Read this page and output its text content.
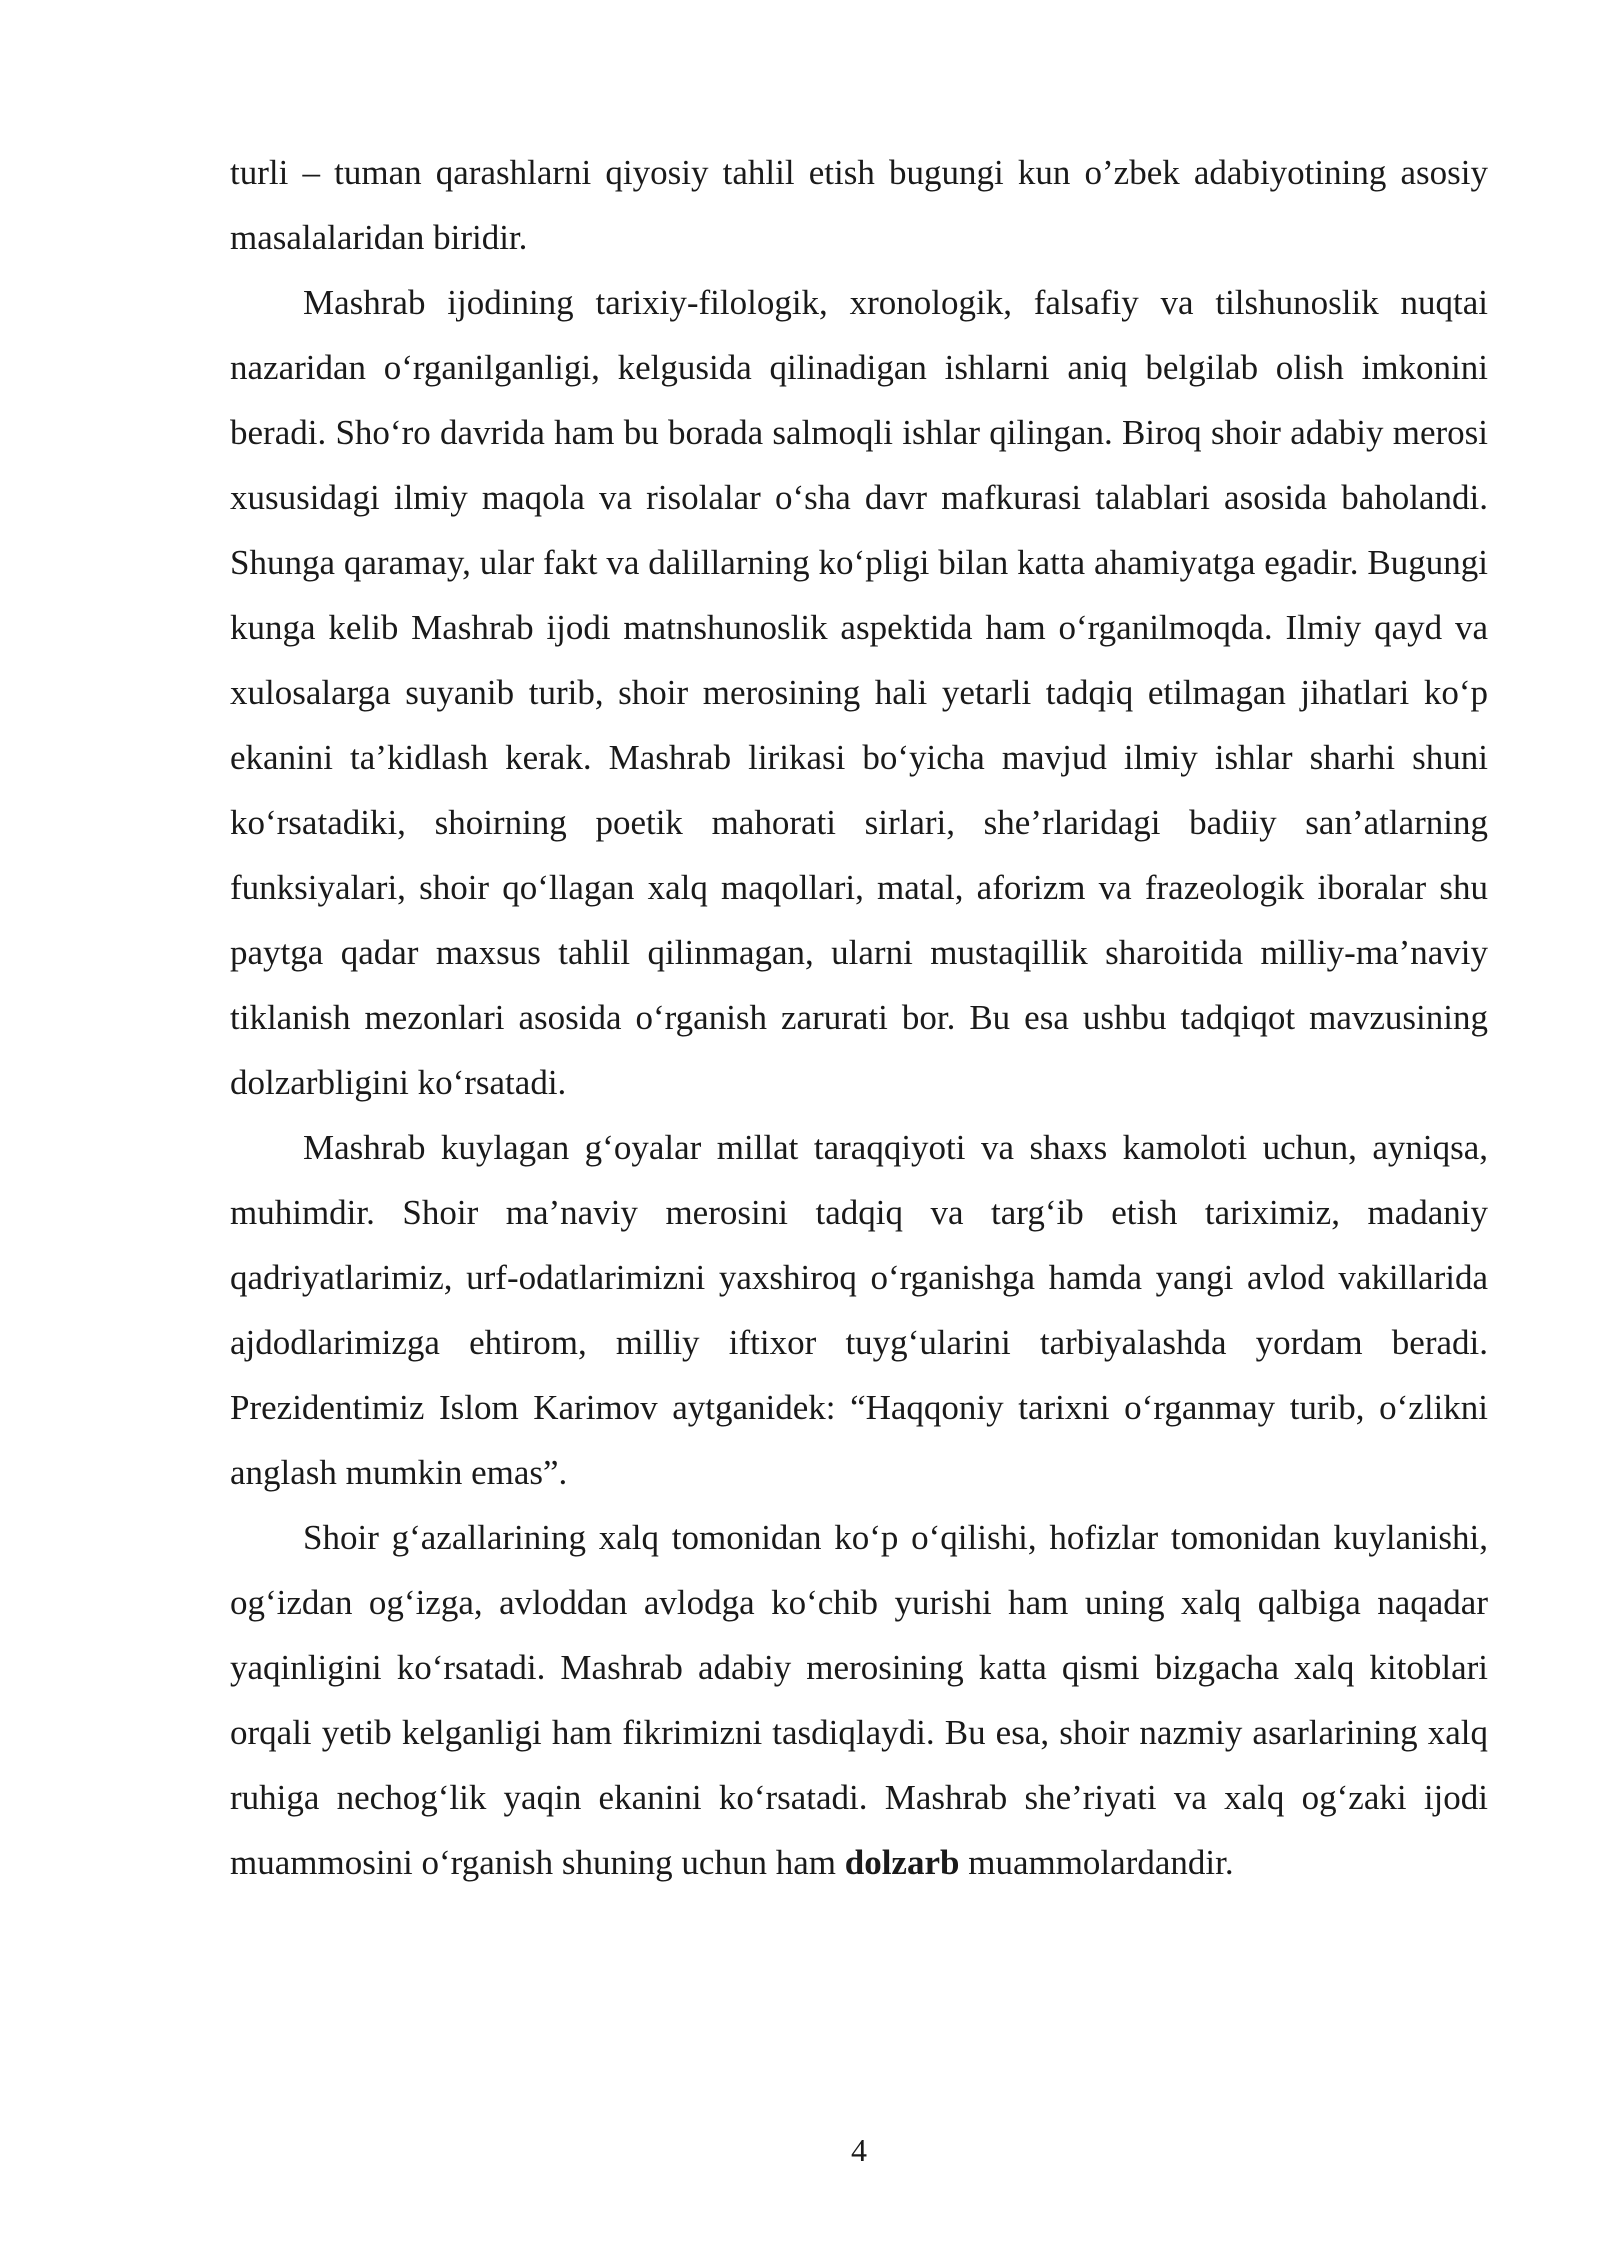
turli – tuman qarashlarni qiyosiy tahlil etish bugungi kun o’zbek adabiyotining asosiy masalalaridan biridir.

Mashrab ijodining tarixiy-filologik, xronologik, falsafiy va tilshunoslik nuqtai nazaridan o‘rganilganligi, kelgusida qilinadigan ishlarni aniq belgilab olish imkonini beradi. Sho‘ro davrida ham bu borada salmoqli ishlar qilingan. Biroq shoir adabiy merosi xususidagi ilmiy maqola va risolalar o‘sha davr mafkurasi talablari asosida baholandi. Shunga qaramay, ular fakt va dalillarning ko‘pligi bilan katta ahamiyatga egadir. Bugungi kunga kelib Mashrab ijodi matnshunoslik aspektida ham o‘rganilmoqda. Ilmiy qayd va xulosalarga suyanib turib, shoir merosining hali yetarli tadqiq etilmagan jihatlari ko‘p ekanini ta’kidlash kerak. Mashrab lirikasi bo‘yicha mavjud ilmiy ishlar sharhi shuni ko‘rsatadiki, shoirning poetik mahorati sirlari, she’rlaridagi badiiy san’atlarning funksiyalari, shoir qo‘llagan xalq maqollari, matal, aforizm va frazeologik iboralar shu paytga qadar maxsus tahlil qilinmagan, ularni mustaqillik sharoitida milliy-ma’naviy tiklanish mezonlari asosida o‘rganish zarurati bor. Bu esa ushbu tadqiqot mavzusining dolzarbligini ko‘rsatadi.

Mashrab kuylagan g‘oyalar millat taraqqiyoti va shaxs kamoloti uchun, ayniqsa, muhimdir. Shoir ma’naviy merosini tadqiq va targ‘ib etish tariximiz, madaniy qadriyatlarimiz, urf-odatlarimizni yaxshiroq o‘rganishga hamda yangi avlod vakillarida ajdodlarimizga ehtirom, milliy iftixor tuyg‘ularini tarbiyalashda yordam beradi. Prezidentimiz Islom Karimov aytganidek: “Haqqoniy tarixni o‘rganmay turib, o‘zlikni anglash mumkin emas”.

Shoir g‘azallarining xalq tomonidan ko‘p o‘qilishi, hofizlar tomonidan kuylanishi, og‘izdan og‘izga, avloddan avlodga ko‘chib yurishi ham uning xalq qalbiga naqadar yaqinligini ko‘rsatadi. Mashrab adabiy merosining katta qismi bizgacha xalq kitoblari orqali yetib kelganligi ham fikrimizni tasdiqlaydi. Bu esa, shoir nazmiy asarlarining xalq ruhiga nechog‘lik yaqin ekanini ko‘rsatadi. Mashrab she’riyati va xalq og‘zaki ijodi muammosini o‘rganish shuning uchun ham dolzarb muammolardandir.

4
